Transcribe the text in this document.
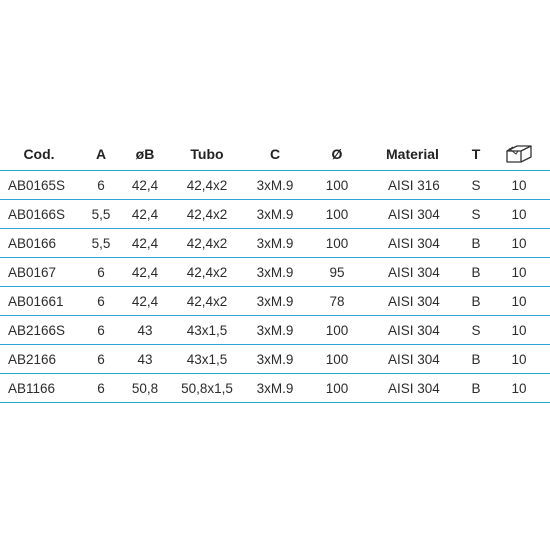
Cod.	A	øB	Tubo	C	Ø	Material	T	
AB0165S	6	42,4	42,4x2	3xM.9	100	AISI 316	S	10
AB0166S	5,5	42,4	42,4x2	3xM.9	100	AISI 304	S	10
AB0166	5,5	42,4	42,4x2	3xM.9	100	AISI 304	B	10
AB0167	6	42,4	42,4x2	3xM.9	95	AISI 304	B	10
AB01661	6	42,4	42,4x2	3xM.9	78	AISI 304	B	10
AB2166S	6	43	43x1,5	3xM.9	100	AISI 304	S	10
AB2166	6	43	43x1,5	3xM.9	100	AISI 304	B	10
AB1166	6	50,8	50,8x1,5	3xM.9	100	AISI 304	B	10
